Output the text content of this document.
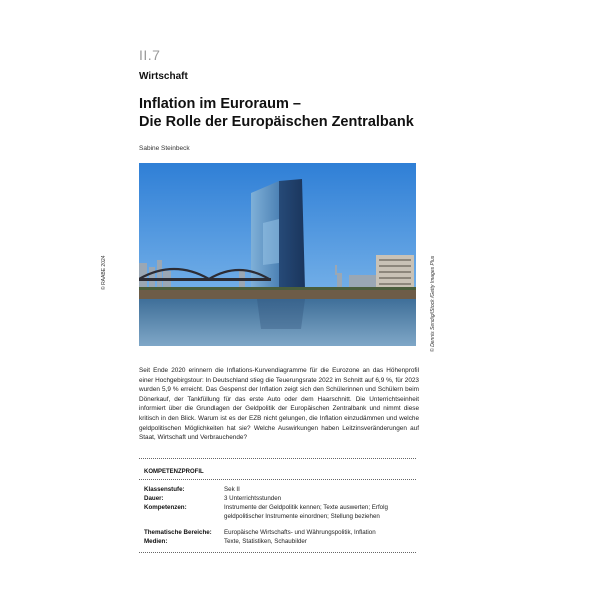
II.7
Wirtschaft
Inflation im Euroraum –
Die Rolle der Europäischen Zentralbank
Sabine Steinbeck
© RAABE 2024	© Dennis Sendig/iStock /Getty Images Plus
Seit Ende 2020 erinnern die Inflations-Kurvendiagramme für die Eurozone an das Höhenprofil einer Hochgebirgstour: In Deutschland stieg die Teuerungsrate 2022 im Schnitt auf 6,9 %, für 2023 wurden 5,9 % erreicht. Das Gespenst der Inflation zeigt sich den Schülerinnen und Schülern beim Dönerkauf, der Tankfüllung für das erste Auto oder dem Haarschnitt. Die Unterrichtseinheit informiert über die Grundlagen der Geldpolitik der Europäischen Zentralbank und nimmt diese kritisch in den Blick. Warum ist es der EZB nicht gelungen, die Inflation einzudämmen und welche geldpolitischen Möglichkeiten hat sie? Welche Auswirkungen haben Leitzinsveränderungen auf Staat, Wirtschaft und Verbrauchende?
KOMPETENZPROFIL
Klassenstufe:	Sek II
Dauer:	3 Unterrichtsstunden
Kompetenzen:	Instrumente der Geldpolitik kennen; Texte auswerten; Erfolg geldpolitischer Instrumente einordnen; Stellung beziehen
Thematische Bereiche:	Europäische Wirtschafts- und Währungspolitik, Inflation
Medien:	Texte, Statistiken, Schaubilder
